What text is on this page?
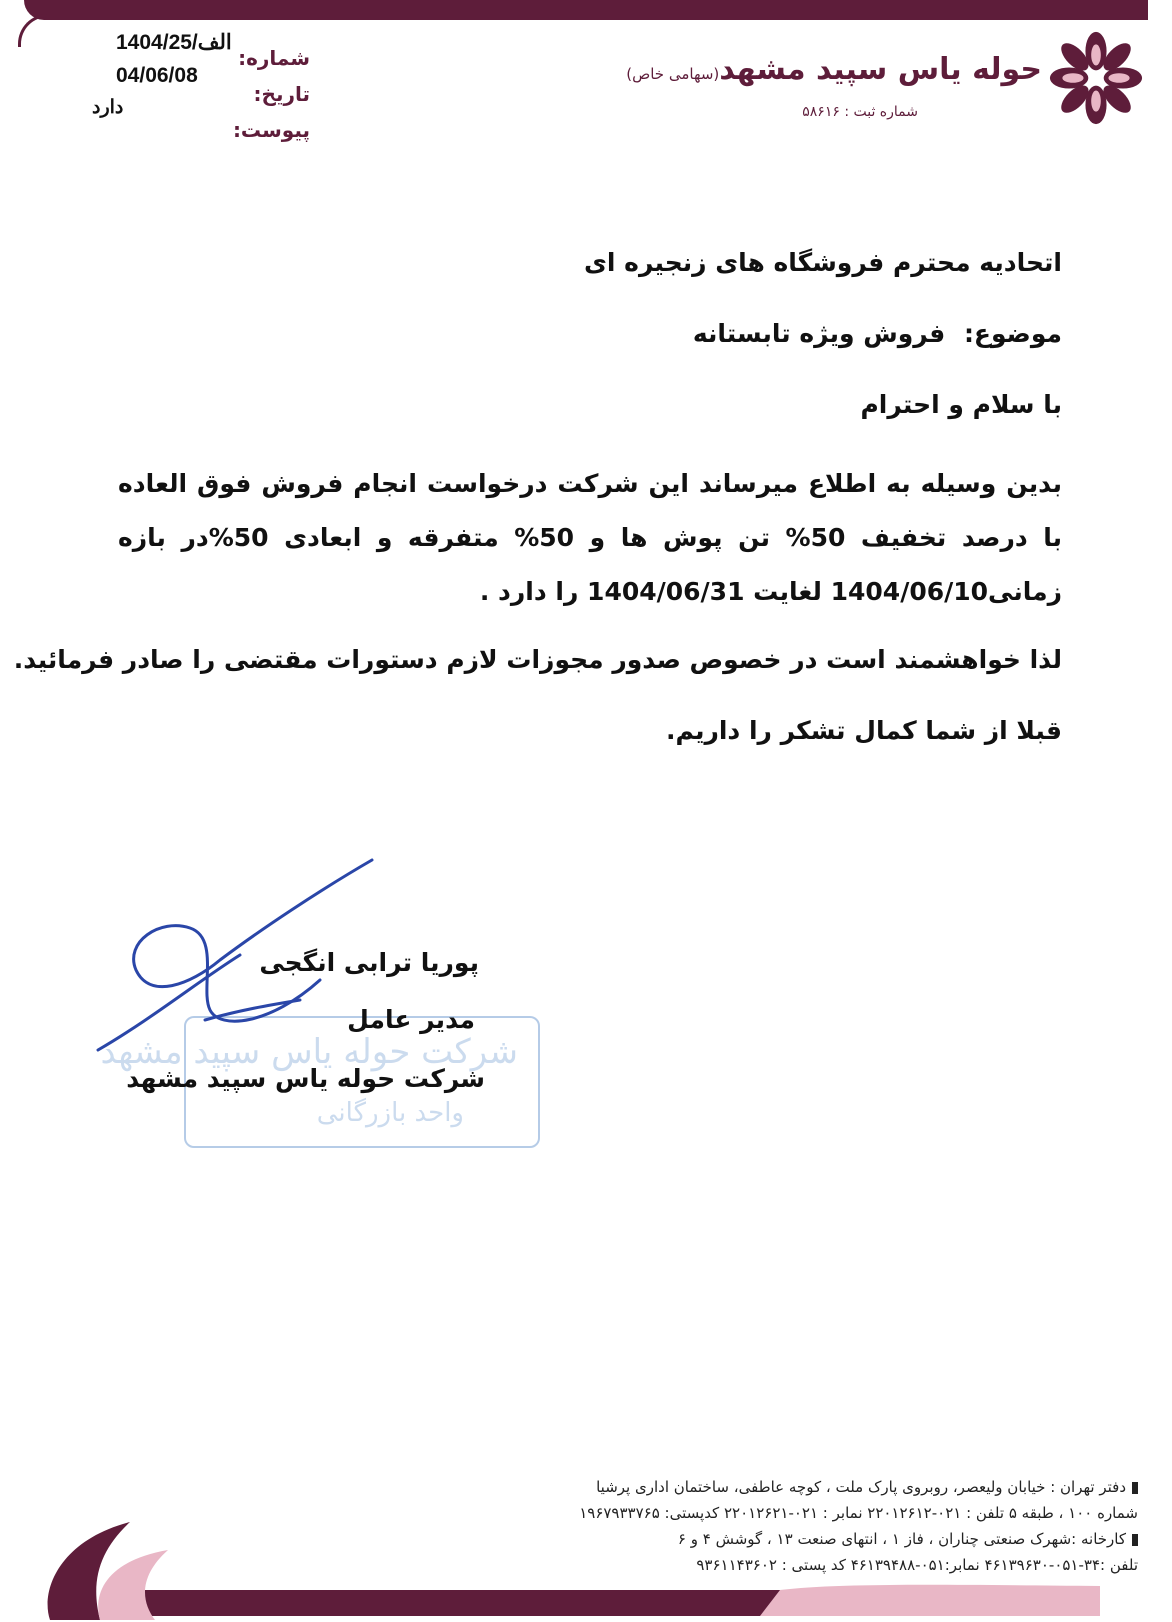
حوله یاس سپید مشهد(سهامی خاص)
شماره ثبت : ۵۸۶۱۶
شماره:
تاریخ:
پیوست:
1404/الف/25
04/06/08
دارد
اتحادیه محترم فروشگاه های زنجیره ای
موضوع: فروش ویژه تابستانه
با سلام و احترام
بدین وسیله به اطلاع میرساند این شرکت درخواست انجام فروش فوق العاده با درصد تخفیف 50% تن پوش ها و 50% متفرقه و ابعادی 50%در بازه زمانی1404/06/10 لغایت 1404/06/31 را دارد .
لذا خواهشمند است در خصوص صدور مجوزات لازم دستورات مقتضی را صادر فرمائید.
قبلا از شما کمال تشکر را داریم.
شرکت حوله یاس سپید مشهد
واحد بازرگانی
پوریا ترابی انگجی
مدیر عامل
شرکت حوله یاس سپید مشهد
دفتر تهران : خیابان ولیعصر، روبروی پارک ملت ، کوچه عاطفی، ساختمان اداری پرشیا
شماره ۱۰۰ ، طبقه ۵ تلفن : ۰۲۱-۲۲۰۱۲۶۱۲ نمابر : ۰۲۱-۲۲۰۱۲۶۲۱ کدپستی: ۱۹۶۷۹۳۳۷۶۵
کارخانه :شهرک صنعتی چناران ، فاز ۱ ، انتهای صنعت ۱۳ ، گوشش ۴ و ۶
تلفن :۳۴-۰۵۱-۴۶۱۳۹۶۳۰ نمابر:۰۵۱-۴۶۱۳۹۴۸۸ کد پستی : ۹۳۶۱۱۴۳۶۰۲
